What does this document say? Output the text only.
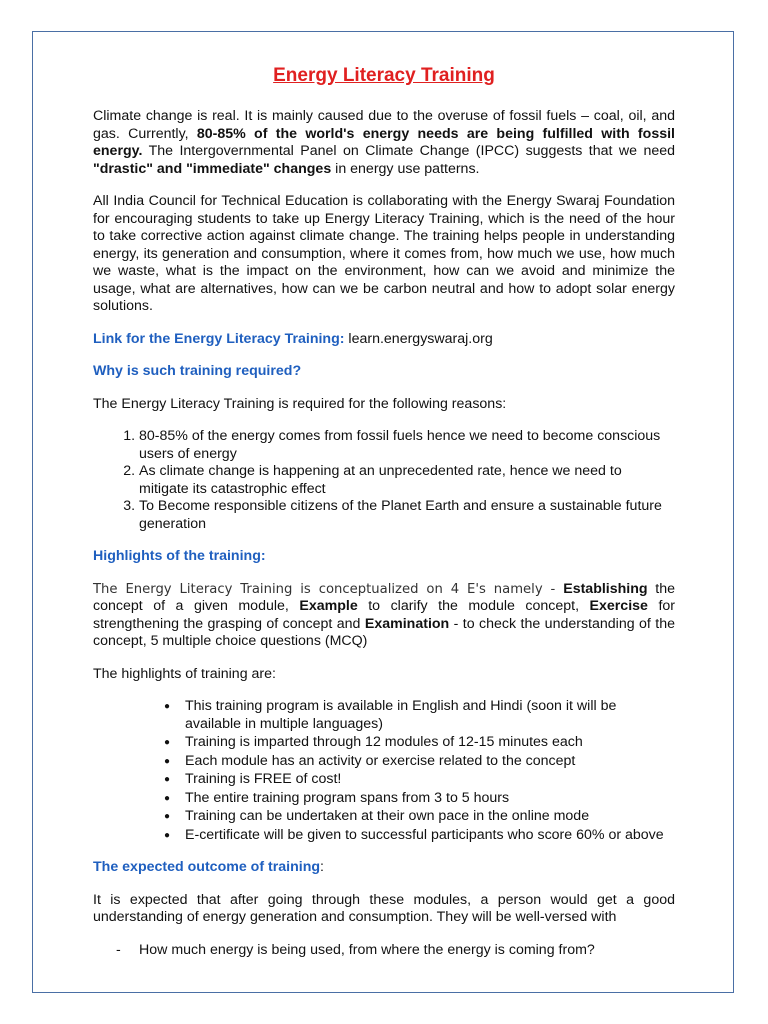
Energy Literacy Training

Climate change is real. It is mainly caused due to the overuse of fossil fuels – coal, oil, and gas. Currently, 80-85% of the world's energy needs are being fulfilled with fossil energy. The Intergovernmental Panel on Climate Change (IPCC) suggests that we need "drastic" and "immediate" changes in energy use patterns.

All India Council for Technical Education is collaborating with the Energy Swaraj Foundation for encouraging students to take up Energy Literacy Training, which is the need of the hour to take corrective action against climate change. The training helps people in understanding energy, its generation and consumption, where it comes from, how much we use, how much we waste, what is the impact on the environment, how can we avoid and minimize the usage, what are alternatives, how can we be carbon neutral and how to adopt solar energy solutions.

Link for the Energy Literacy Training: learn.energyswaraj.org

Why is such training required?

The Energy Literacy Training is required for the following reasons:

1. 80-85% of the energy comes from fossil fuels hence we need to become conscious users of energy
2. As climate change is happening at an unprecedented rate, hence we need to mitigate its catastrophic effect
3. To Become responsible citizens of the Planet Earth and ensure a sustainable future generation
Highlights of the training:

The Energy Literacy Training is conceptualized on 4 E's namely - Establishing the concept of a given module, Example to clarify the module concept, Exercise for strengthening the grasping of concept and Examination - to check the understanding of the concept, 5 multiple choice questions (MCQ)

The highlights of training are:

● This training program is available in English and Hindi (soon it will be available in multiple languages)
● Training is imparted through 12 modules of 12-15 minutes each
● Each module has an activity or exercise related to the concept
● Training is FREE of cost!
● The entire training program spans from 3 to 5 hours
● Training can be undertaken at their own pace in the online mode
● E-certificate will be given to successful participants who score 60% or above
The expected outcome of training:

It is expected that after going through these modules, a person would get a good understanding of energy generation and consumption. They will be well-versed with

- How much energy is being used, from where the energy is coming from?
